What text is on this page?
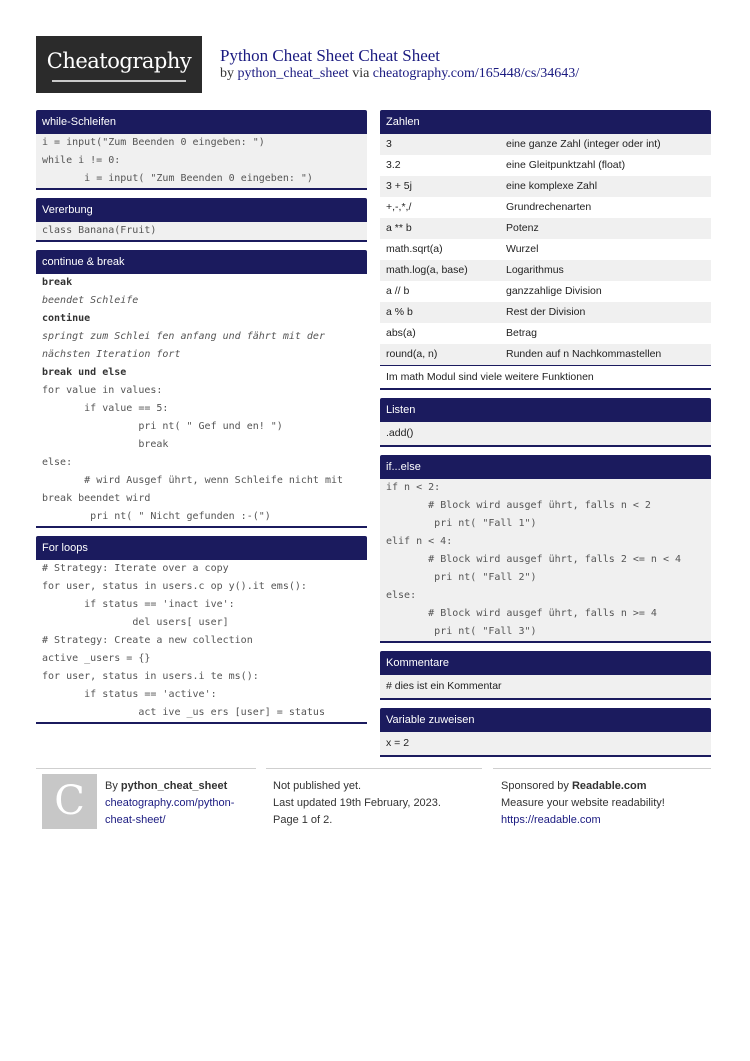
Cheatography	Python Cheat Sheet Cheat Sheet
by python_cheat_sheet via cheatography.com/165448/cs/34643/
while-Schleifen
i = input("Zum Beenden 0 eingeben: ")
while i != 0:
i = input( "Zum Beenden 0 eingeben: ")
Vererbung
class Banana(Fruit)
continue & break
break
beendet Schleife
continue
springt zum Schlei fen anfang und fährt mit der nächsten Iteration fort
break und else
for value in values:
if value == 5:
pri nt( " Gef und en! ")
break
else:
# wird Ausgef ührt, wenn Schleife nicht mit break beendet wird
pri nt( " Nicht gefunden :-(")
For loops
# Strategy: Iterate over a copy
for user, status in users.c op y().it ems():
if status == 'inact ive':
del users[ user]
# Strategy: Create a new collection
active _users = {}
for user, status in users.i te ms():
if status == 'active':
act ive _us ers [user] = status
Zahlen
3	eine ganze Zahl (integer oder int)
3.2	eine Gleitpunktzahl (float)
3 + 5j	eine komplexe Zahl
+,-,*,/	Grundrechenarten
a ** b	Potenz
math.sqrt(a)	Wurzel
math.log(a, base)	Logarithmus
a // b	ganzzahlige Division
a % b	Rest der Division
abs(a)	Betrag
round(a, n)	Runden auf n Nachkommastellen
Im math Modul sind viele weitere Funktionen
Listen
.add()
if...else
if n < 2:
# Block wird ausgef ührt, falls n < 2
pri nt( "Fall 1")
elif n < 4:
# Block wird ausgef ührt, falls 2 <= n < 4
pri nt( "Fall 2")
else:
# Block wird ausgef ührt, falls n >= 4
pri nt( "Fall 3")
Kommentare
# dies ist ein Kommentar
Variable zuweisen
x = 2
C	By python_cheat_sheet
cheatography.com/python-cheat-sheet/
Not published yet.
Last updated 19th February, 2023.
Page 1 of 2.
Sponsored by Readable.com
Measure your website readability!
https://readable.com
